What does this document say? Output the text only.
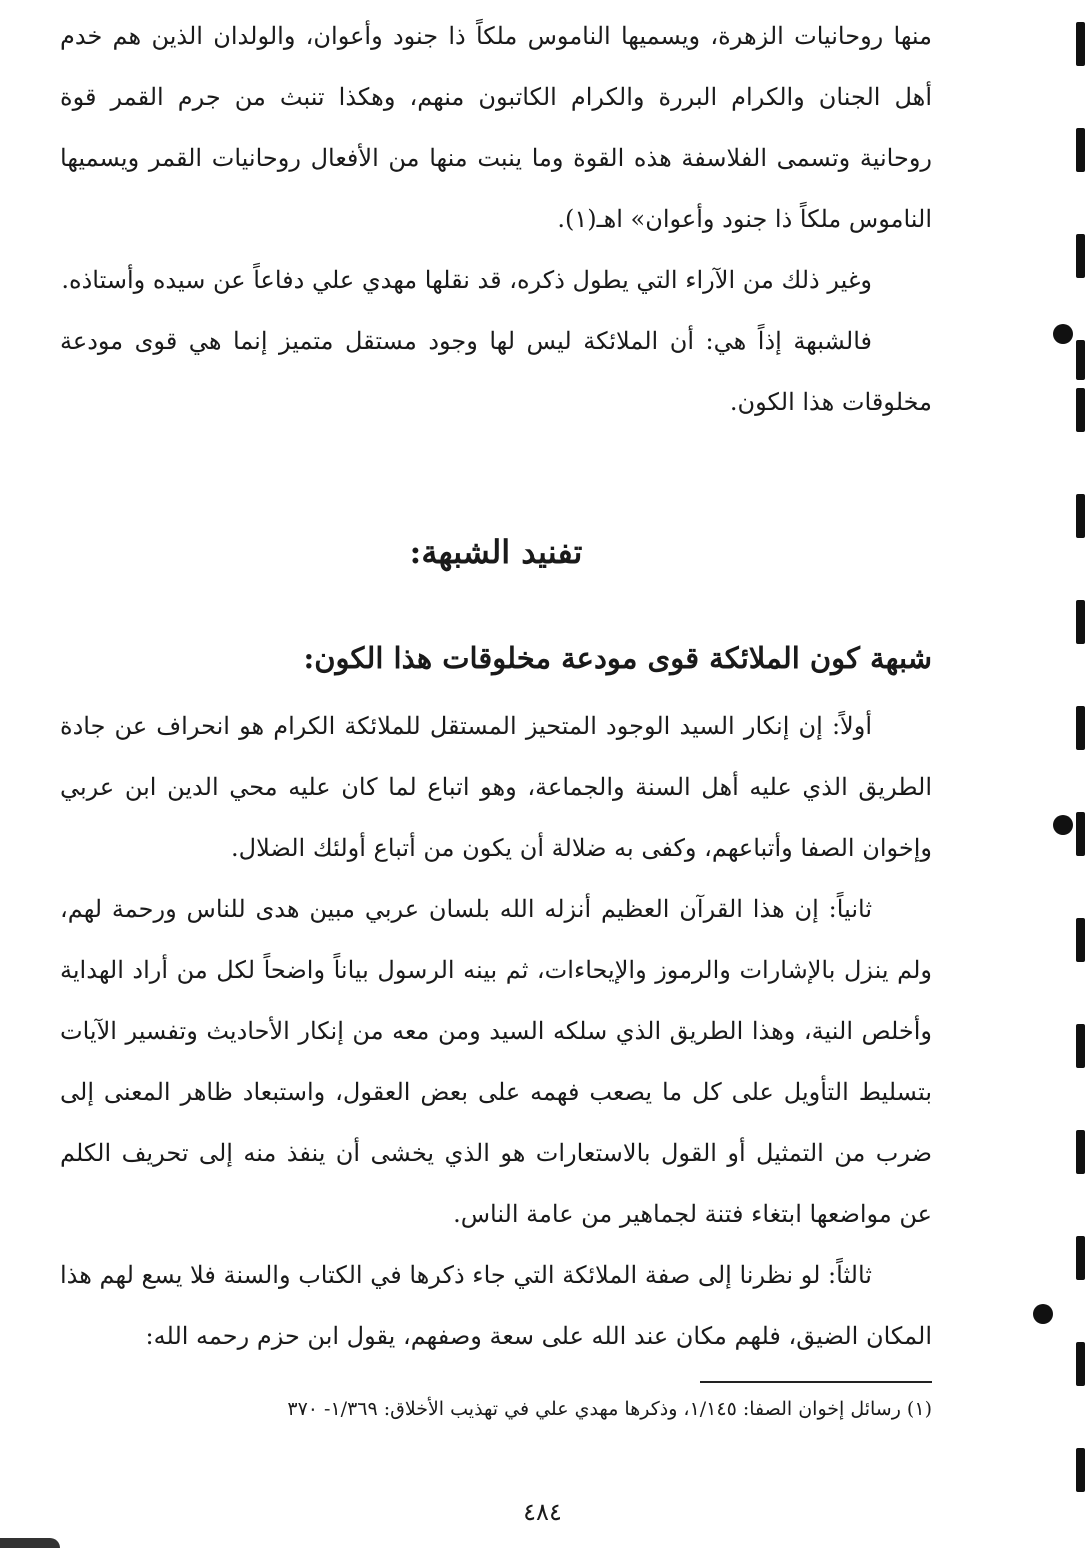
منها روحانيات الزهرة، ويسميها الناموس ملكاً ذا جنود وأعوان، والولدان الذين هم خدم أهل الجنان والكرام البررة والكرام الكاتبون منهم، وهكذا تنبث من جرم القمر قوة روحانية وتسمى الفلاسفة هذه القوة وما ينبت منها من الأفعال روحانيات القمر ويسميها الناموس ملكاً ذا جنود وأعوان» اهـ(١).

وغير ذلك من الآراء التي يطول ذكره، قد نقلها مهدي علي دفاعاً عن سيده وأستاذه.

فالشبهة إذاً هي: أن الملائكة ليس لها وجود مستقل متميز إنما هي قوى مودعة مخلوقات هذا الكون.

تفنيد الشبهة:
شبهة كون الملائكة قوى مودعة مخلوقات هذا الكون:

أولاً: إن إنكار السيد الوجود المتحيز المستقل للملائكة الكرام هو انحراف عن جادة الطريق الذي عليه أهل السنة والجماعة، وهو اتباع لما كان عليه محي الدين ابن عربي وإخوان الصفا وأتباعهم، وكفى به ضلالة أن يكون من أتباع أولئك الضلال.

ثانياً: إن هذا القرآن العظيم أنزله الله بلسان عربي مبين هدى للناس ورحمة لهم، ولم ينزل بالإشارات والرموز والإيحاءات، ثم بينه الرسول بياناً واضحاً لكل من أراد الهداية وأخلص النية، وهذا الطريق الذي سلكه السيد ومن معه من إنكار الأحاديث وتفسير الآيات بتسليط التأويل على كل ما يصعب فهمه على بعض العقول، واستبعاد ظاهر المعنى إلى ضرب من التمثيل أو القول بالاستعارات هو الذي يخشى أن ينفذ منه إلى تحريف الكلم عن مواضعها ابتغاء فتنة لجماهير من عامة الناس.

ثالثاً: لو نظرنا إلى صفة الملائكة التي جاء ذكرها في الكتاب والسنة فلا يسع لهم هذا المكان الضيق، فلهم مكان عند الله على سعة وصفهم، يقول ابن حزم رحمه الله:

(١) رسائل إخوان الصفا: ١/١٤٥، وذكرها مهدي علي في تهذيب الأخلاق: ١/٣٦٩- ٣٧٠
٤٨٤
